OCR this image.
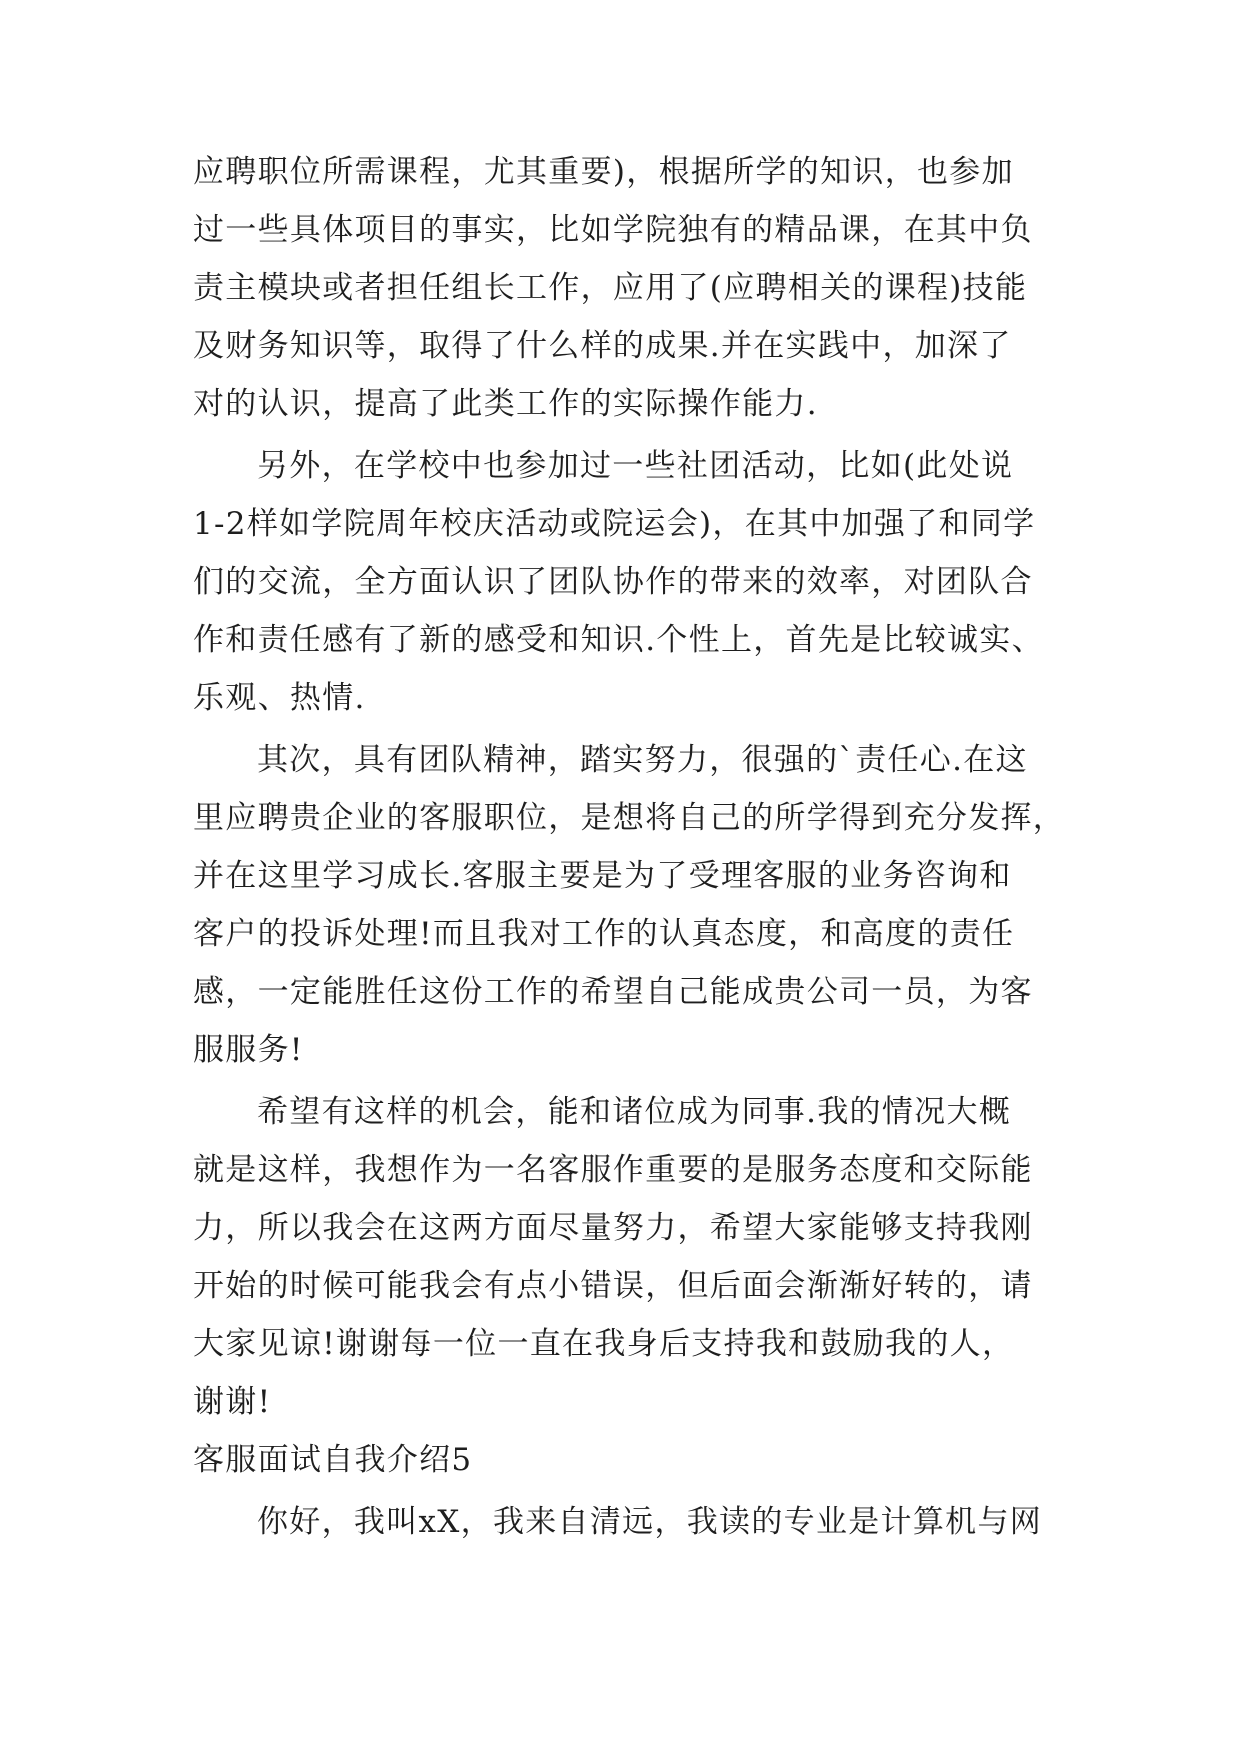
应聘职位所需课程，尤其重要)，根据所学的知识，也参加
过一些具体项目的事实，比如学院独有的精品课，在其中负
责主模块或者担任组长工作，应用了(应聘相关的课程)技能
及财务知识等，取得了什么样的成果.并在实践中，加深了
对的认识，提高了此类工作的实际操作能力.
另外，在学校中也参加过一些社团活动，比如(此处说
1-2样如学院周年校庆活动或院运会)，在其中加强了和同学
们的交流，全方面认识了团队协作的带来的效率，对团队合
作和责任感有了新的感受和知识.个性上，首先是比较诚实、
乐观、热情.
其次，具有团队精神，踏实努力，很强的`责任心.在这
里应聘贵企业的客服职位，是想将自己的所学得到充分发挥，
并在这里学习成长.客服主要是为了受理客服的业务咨询和
客户的投诉处理!而且我对工作的认真态度，和高度的责任
感，一定能胜任这份工作的希望自己能成贵公司一员，为客
服服务!
希望有这样的机会，能和诸位成为同事.我的情况大概
就是这样，我想作为一名客服作重要的是服务态度和交际能
力，所以我会在这两方面尽量努力，希望大家能够支持我刚
开始的时候可能我会有点小错误，但后面会渐渐好转的，请
大家见谅!谢谢每一位一直在我身后支持我和鼓励我的人，
谢谢!
客服面试自我介绍5
你好，我叫xX，我来自清远，我读的专业是计算机与网
